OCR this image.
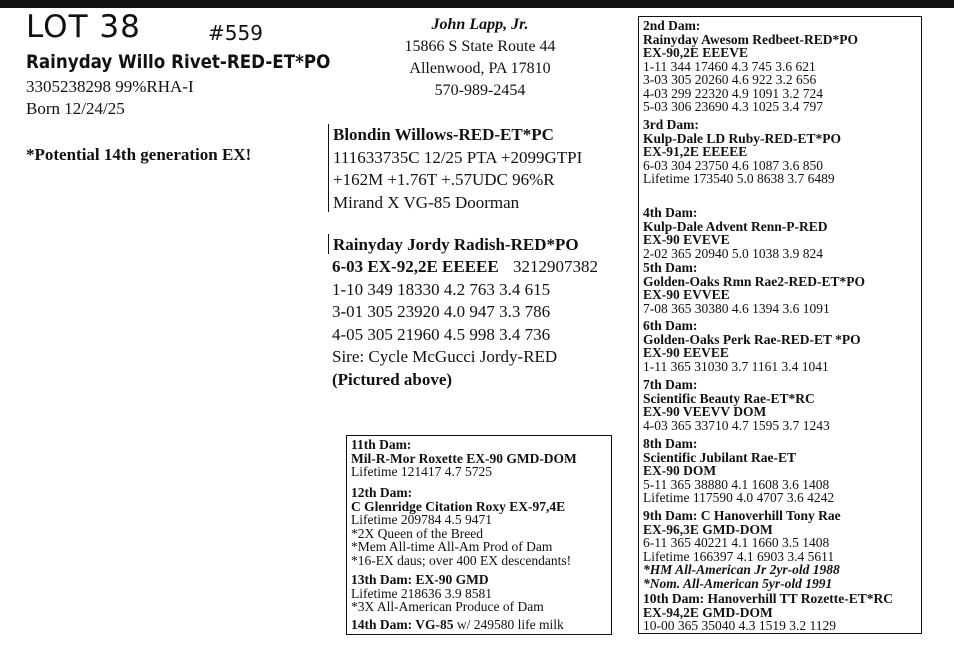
LOT 38	#559
Rainyday Willo Rivet-RED-ET*PO
3305238298 99%RHA-I
Born 12/24/25
*Potential 14th generation EX!
John Lapp, Jr.
15866 S State Route 44
Allenwood, PA 17810
570-989-2454
Blondin Willows-RED-ET*PC
111633735C 12/25 PTA +2099GTPI
+162M +1.76T +.57UDC 96%R
Mirand X VG-85 Doorman
Rainyday Jordy Radish-RED*PO
6-03 EX-92,2E EEEEE 3212907382
1-10 349 18330 4.2 763 3.4 615
3-01 305 23920 4.0 947 3.3 786
4-05 305 21960 4.5 998 3.4 736
Sire: Cycle McGucci Jordy-RED
(Pictured above)
2nd Dam:
Rainyday Awesom Redbeet-RED*PO
EX-90,2E EEEVE
1-11 344 17460 4.3 745 3.6 621
3-03 305 20260 4.6 922 3.2 656
4-03 299 22320 4.9 1091 3.2 724
5-03 306 23690 4.3 1025 3.4 797
3rd Dam:
Kulp-Dale LD Ruby-RED-ET*PO
EX-91,2E EEEEE
6-03 304 23750 4.6 1087 3.6 850
Lifetime 173540 5.0 8638 3.7 6489
4th Dam:
Kulp-Dale Advent Renn-P-RED
EX-90 EVEVE
2-02 365 20940 5.0 1038 3.9 824
5th Dam:
Golden-Oaks Rmn Rae2-RED-ET*PO
EX-90 EVVEE
7-08 365 30380 4.6 1394 3.6 1091
6th Dam:
Golden-Oaks Perk Rae-RED-ET *PO
EX-90 EEVEE
1-11 365 31030 3.7 1161 3.4 1041
7th Dam:
Scientific Beauty Rae-ET*RC
EX-90 VEEVV DOM
4-03 365 33710 4.7 1595 3.7 1243
8th Dam:
Scientific Jubilant Rae-ET
EX-90 DOM
5-11 365 38880 4.1 1608 3.6 1408
Lifetime 117590 4.0 4707 3.6 4242
9th Dam: C Hanoverhill Tony Rae
EX-96,3E GMD-DOM
6-11 365 40221 4.1 1660 3.5 1408
Lifetime 166397 4.1 6903 3.4 5611
*HM All-American Jr 2yr-old 1988
*Nom. All-American 5yr-old 1991
10th Dam: Hanoverhill TT Rozette-ET*RC
EX-94,2E GMD-DOM
10-00 365 35040 4.3 1519 3.2 1129
11th Dam:
Mil-R-Mor Roxette EX-90 GMD-DOM
Lifetime 121417 4.7 5725
12th Dam:
C Glenridge Citation Roxy EX-97,4E
Lifetime 209784 4.5 9471
*2X Queen of the Breed
*Mem All-time All-Am Prod of Dam
*16-EX daus; over 400 EX descendants!
13th Dam: EX-90 GMD
Lifetime 218636 3.9 8581
*3X All-American Produce of Dam
14th Dam: VG-85 w/ 249580 life milk
